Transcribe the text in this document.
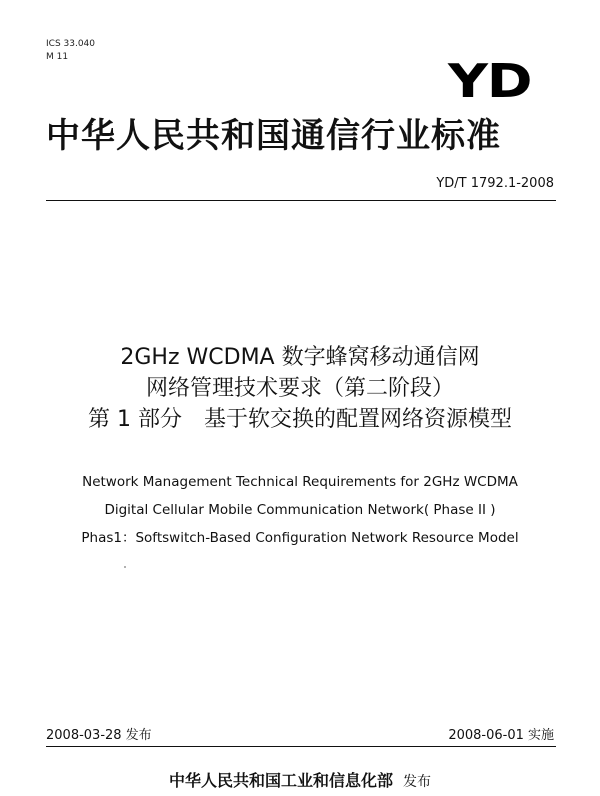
ICS 33.040
M 11	YD
中华人民共和国通信行业标准
YD/T 1792.1-2008
2GHz WCDMA 数字蜂窝移动通信网
网络管理技术要求（第二阶段）
第 1 部分　基于软交换的配置网络资源模型
Network Management Technical Requirements for 2GHz WCDMA
Digital Cellular Mobile Communication Network( Phase II )
Phas1：Softswitch-Based Configuration Network Resource Model
2008-03-28 发布	2008-06-01 实施
中华人民共和国工业和信息化部 发布
